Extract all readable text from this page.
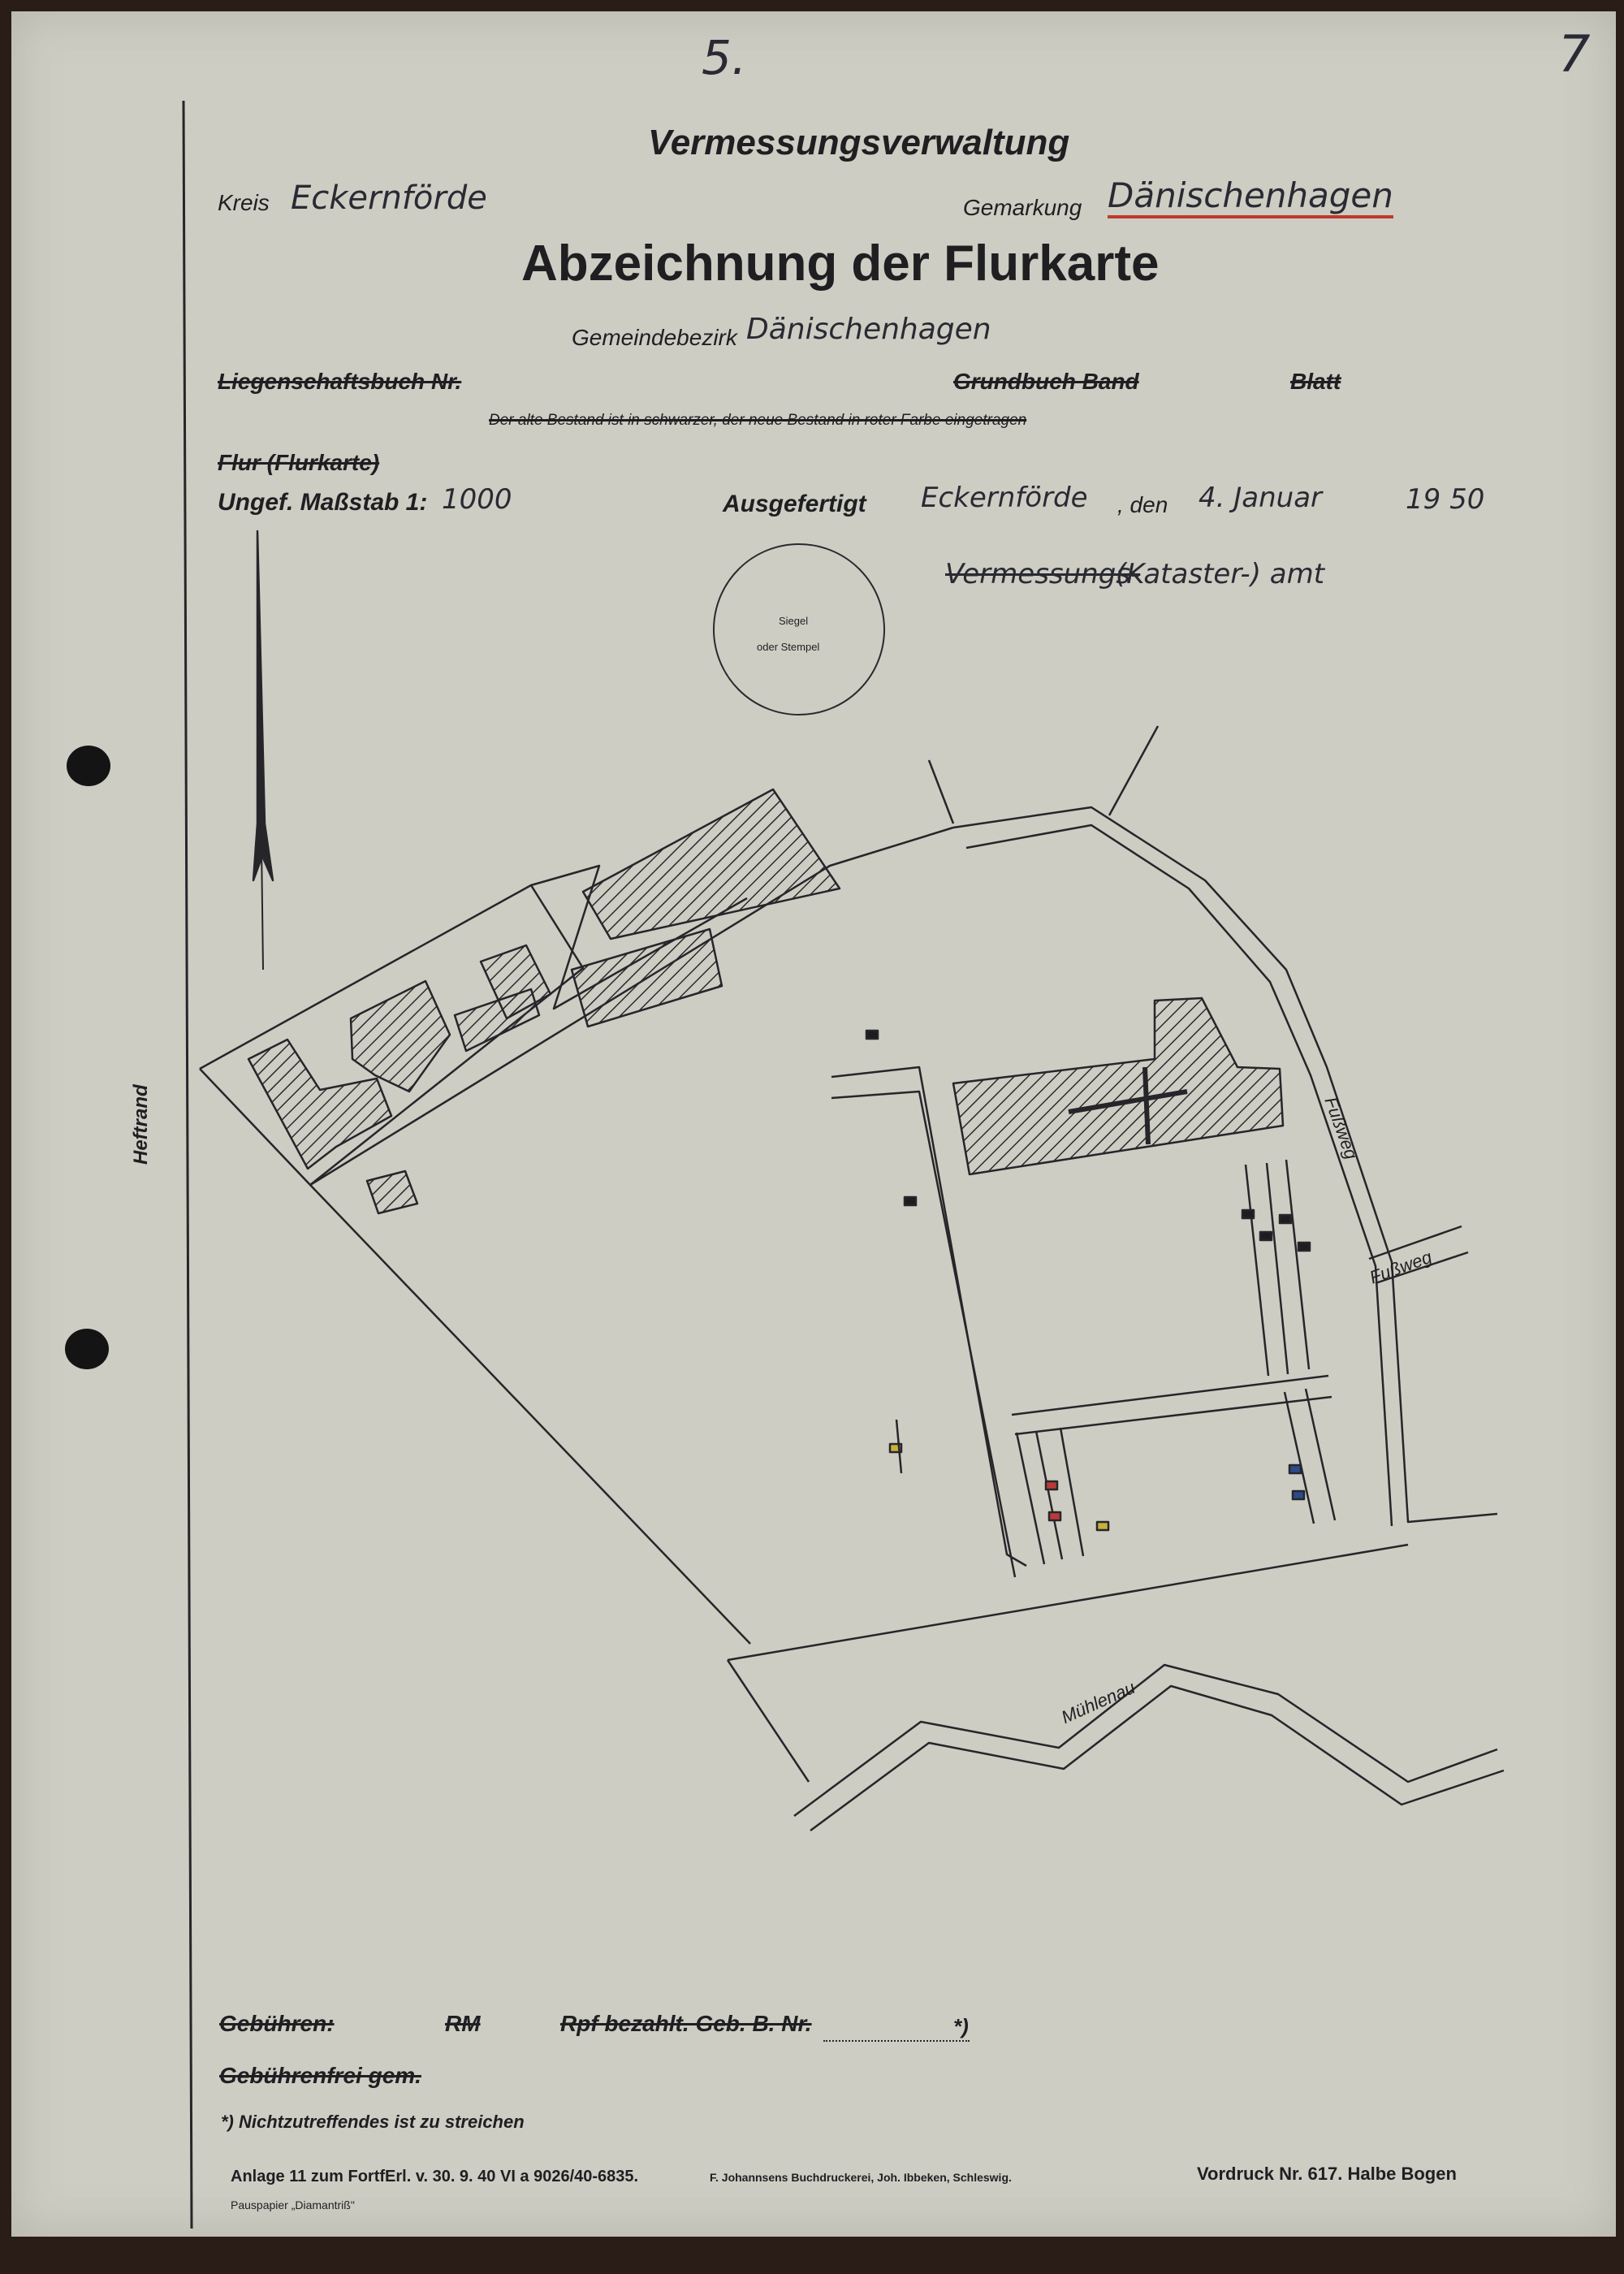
5.	7
Vermessungsverwaltung
Kreis Eckernförde	Gemarkung Dänischenhagen
Abzeichnung der Flurkarte
Gemeindebezirk Dänischenhagen
Liegenschaftsbuch Nr.	Grundbuch Band	Blatt
Der alte Bestand ist in schwarzer, der neue Bestand in roter Farbe eingetragen
Flur (Flurkarte)
Ungef. Maßstab 1: 1000	Ausgefertigt Eckernförde , den 4. Januar	19 50
Vermessungs-
(Kataster-) amt
Siegel
oder Stempel
Heftrand	Fußweg
Fußweg
Mühlenau
Gebühren:	RM	Rpf bezahlt. Geb. B. Nr.	*)
Gebührenfrei gem.
*) Nichtzutreffendes ist zu streichen
Anlage 11 zum FortfErl. v. 30. 9. 40 VI a 9026/40-6835.	F. Johannsens Buchdruckerei, Joh. Ibbeken, Schleswig.	Vordruck Nr. 617. Halbe Bogen
Pauspapier „Diamantriß"
